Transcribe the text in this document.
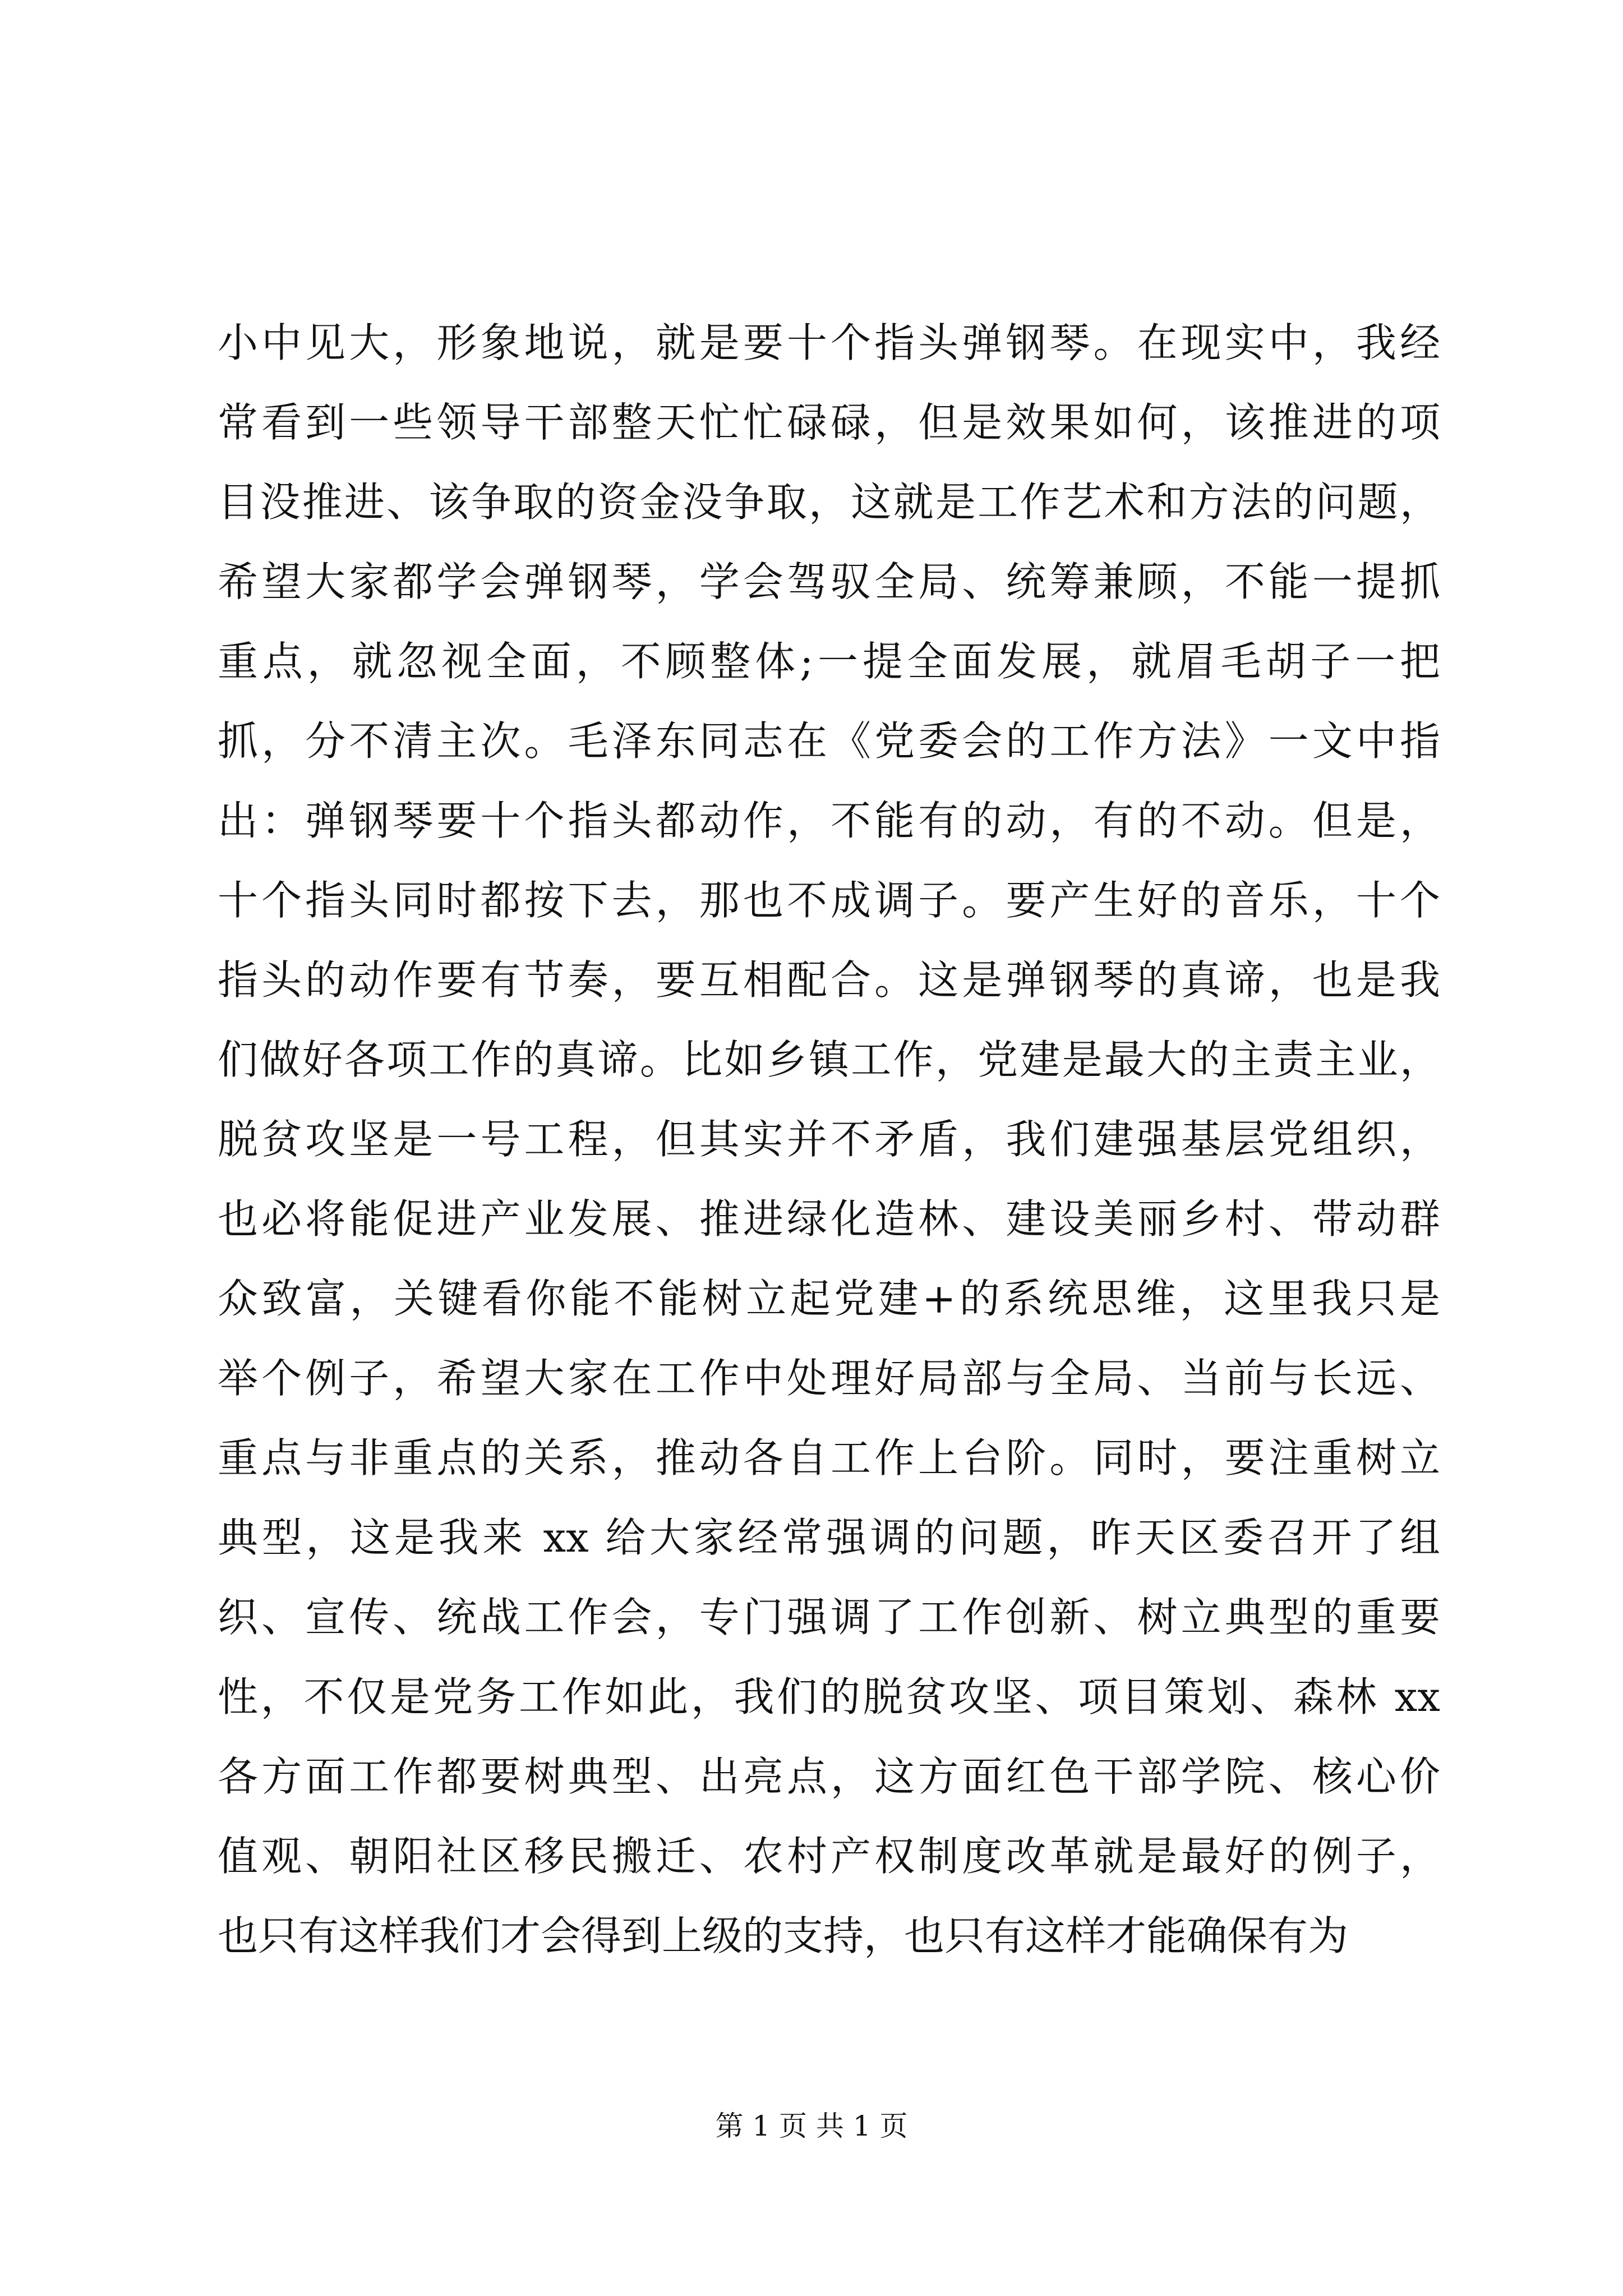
小中见大，形象地说，就是要十个指头弹钢琴。在现实中，我经
常看到一些领导干部整天忙忙碌碌，但是效果如何，该推进的项
目没推进、该争取的资金没争取，这就是工作艺术和方法的问题，
希望大家都学会弹钢琴，学会驾驭全局、统筹兼顾，不能一提抓
重点，就忽视全面，不顾整体;一提全面发展，就眉毛胡子一把
抓，分不清主次。毛泽东同志在《党委会的工作方法》一文中指
出：弹钢琴要十个指头都动作，不能有的动，有的不动。但是，
十个指头同时都按下去，那也不成调子。要产生好的音乐，十个
指头的动作要有节奏，要互相配合。这是弹钢琴的真谛，也是我
们做好各项工作的真谛。比如乡镇工作，党建是最大的主责主业，
脱贫攻坚是一号工程，但其实并不矛盾，我们建强基层党组织，
也必将能促进产业发展、推进绿化造林、建设美丽乡村、带动群
众致富，关键看你能不能树立起党建+的系统思维，这里我只是
举个例子，希望大家在工作中处理好局部与全局、当前与长远、
重点与非重点的关系，推动各自工作上台阶。同时，要注重树立
典型，这是我来 xx 给大家经常强调的问题，昨天区委召开了组
织、宣传、统战工作会，专门强调了工作创新、树立典型的重要
性，不仅是党务工作如此，我们的脱贫攻坚、项目策划、森林 xx
各方面工作都要树典型、出亮点，这方面红色干部学院、核心价
值观、朝阳社区移民搬迁、农村产权制度改革就是最好的例子，
也只有这样我们才会得到上级的支持，也只有这样才能确保有为
第 1 页 共 1 页
